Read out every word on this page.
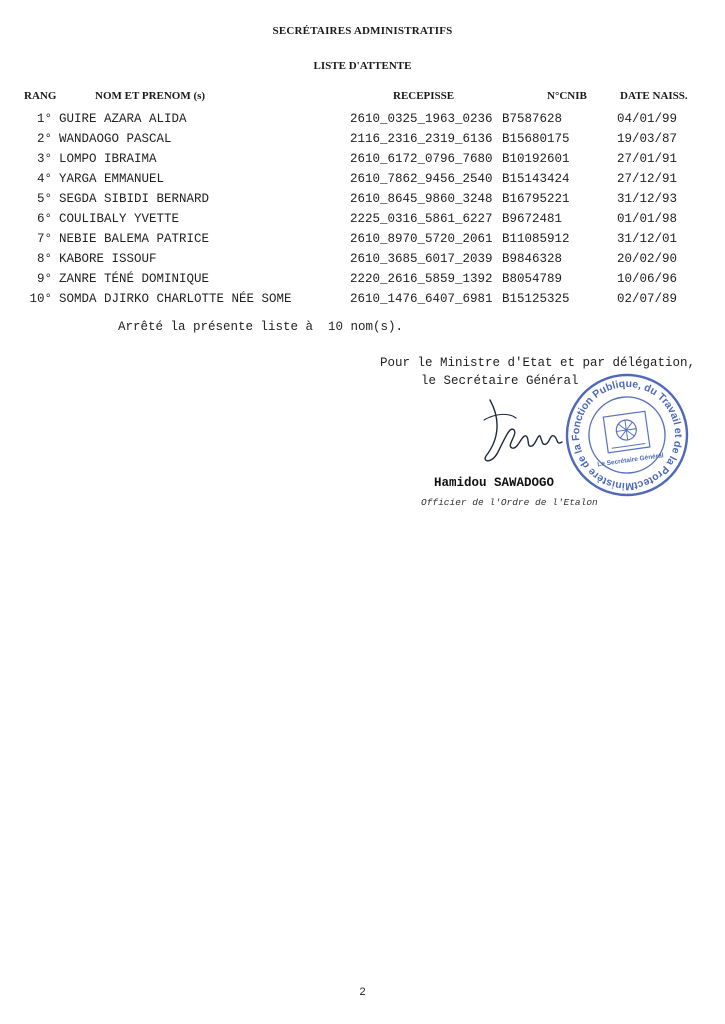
SECRÉTAIRES ADMINISTRATIFS
LISTE D'ATTENTE
RANG	NOM ET PRENOM (s)	RECEPISSE	N°CNIB	DATE NAISS.
1° GUIRE AZARA ALIDA	2610_0325_1963_0236 B7587628	04/01/99
2° WANDAOGO PASCAL	2116_2316_2319_6136 B15680175	19/03/87
3° LOMPO IBRAIMA	2610_6172_0796_7680 B10192601	27/01/91
4° YARGA EMMANUEL	2610_7862_9456_2540 B15143424	27/12/91
5° SEGDA SIBIDI BERNARD	2610_8645_9860_3248 B16795221	31/12/93
6° COULIBALY YVETTE	2225_0316_5861_6227 B9672481	01/01/98
7° NEBIE BALEMA PATRICE	2610_8970_5720_2061 B11085912	31/12/01
8° KABORE ISSOUF	2610_3685_6017_2039 B9846328	20/02/90
9° ZANRE TÉNÉ DOMINIQUE	2220_2616_5859_1392 B8054789	10/06/96
10° SOMDA DJIRKO CHARLOTTE NÉE SOME	2610_1476_6407_6981 B15125325	02/07/89
Arrêté la présente liste à  10 nom(s).
Pour le Ministre d'Etat et par délégation,
le Secrétaire Général
Ministère de la Fonction Publique, du Travail et de la Protection
Le Secrétaire Général
Hamidou SAWADOGO
Officier de l'Ordre de l'Etalon
2
